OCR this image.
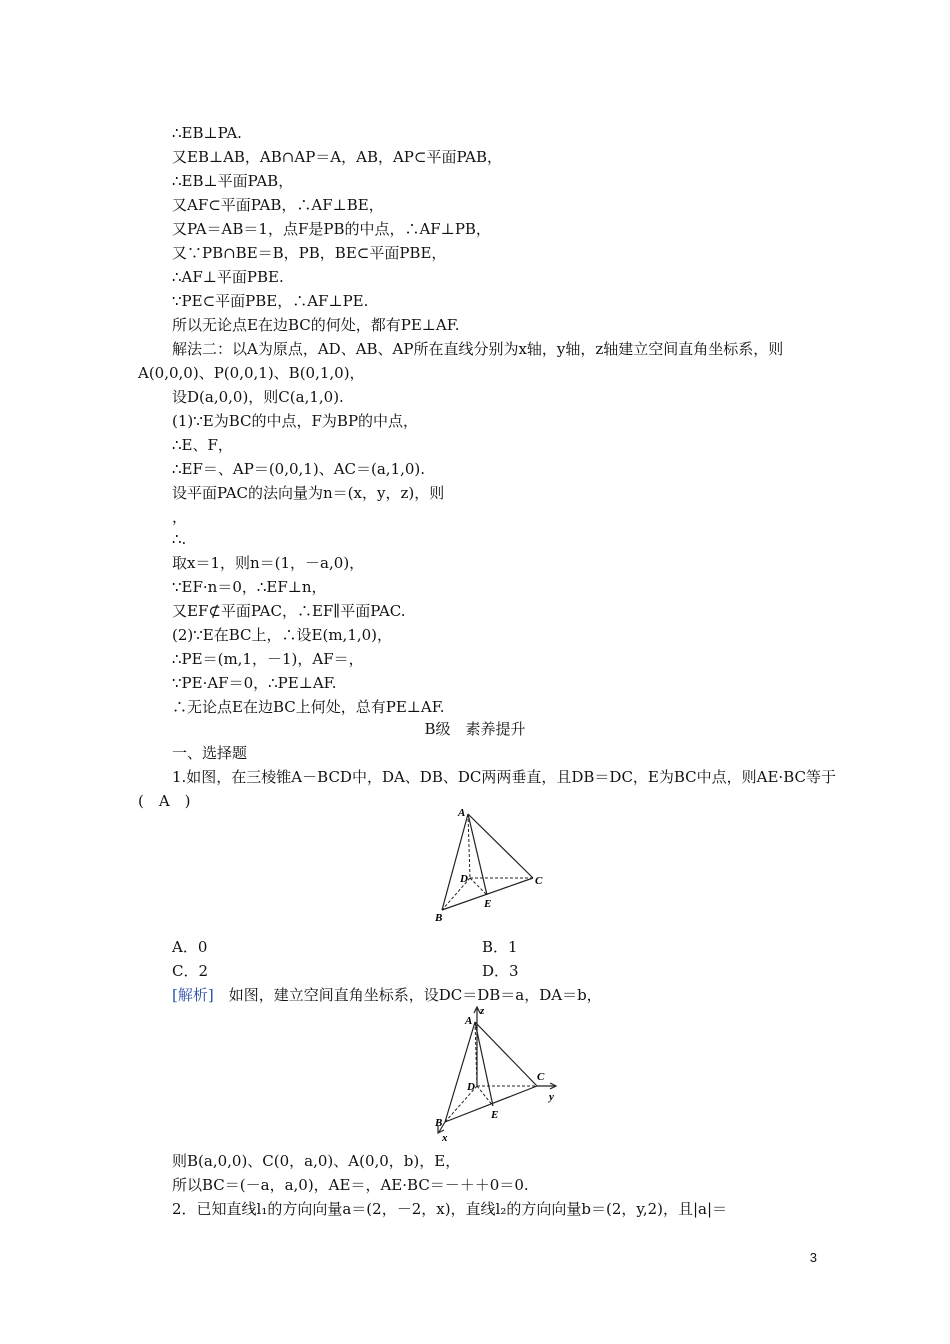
∴EB⊥PA.
又EB⊥AB，AB∩AP＝A，AB，AP⊂平面PAB，
∴EB⊥平面PAB，
又AF⊂平面PAB，∴AF⊥BE，
又PA＝AB＝1，点F是PB的中点，∴AF⊥PB，
又∵PB∩BE＝B，PB，BE⊂平面PBE，
∴AF⊥平面PBE.
∵PE⊂平面PBE，∴AF⊥PE.
所以无论点E在边BC的何处，都有PE⊥AF.
解法二：以A为原点，AD、AB、AP所在直线分别为x轴，y轴，z轴建立空间直角坐标系，则
A(0,0,0)、P(0,0,1)、B(0,1,0)，
设D(a,0,0)，则C(a,1,0).
(1)∵E为BC的中点，F为BP的中点，
∴E、F，
∴EF＝、AP＝(0,0,1)、AC＝(a,1,0).
设平面PAC的法向量为n＝(x，y，z)，则
，
∴.
取x＝1，则n＝(1，－a,0)，
∵EF·n＝0，∴EF⊥n，
又EF⊄平面PAC，∴EF∥平面PAC.
(2)∵E在BC上，∴设E(m,1,0)，
∴PE＝(m,1，－1)，AF＝，
∵PE·AF＝0，∴PE⊥AF.
∴无论点E在边BC上何处，总有PE⊥AF.
B级　素养提升
一、选择题
1.如图，在三棱锥A－BCD中，DA、DB、DC两两垂直，且DB＝DC，E为BC中点，则AE·BC等于
(　A　)
A
D	C
B
E
A．0	B．1
C．2	D．3
[解析]　如图，建立空间直角坐标系，设DC＝DB＝a，DA＝b，
z
A
D
C
y
B
E
x
则B(a,0,0)、C(0，a,0)、A(0,0，b)，E，
所以BC＝(－a，a,0)，AE＝，AE·BC＝－＋＋0＝0.
2．已知直线l₁的方向向量a＝(2，－2，x)，直线l₂的方向向量b＝(2，y,2)，且|a|＝
3
